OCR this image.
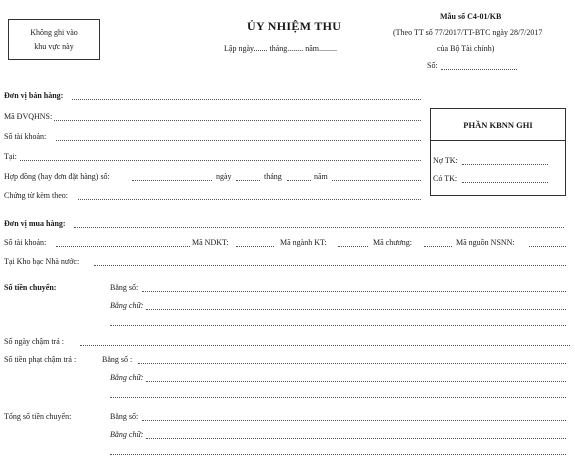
Không ghi vào
khu vực này
ỦY NHIỆM THU
Lập ngày....... tháng........ năm.........
Mẫu số C4-01/KB
(Theo TT số 77/2017/TT-BTC ngày 28/7/2017
của Bộ Tài chính)
Số:
Đơn vị bán hàng:
Mã ĐVQHNS:
Số tài khoản:
Tại:
Hợp đồng (hay đơn đặt hàng) số:	ngày	tháng	năm
Chứng từ kèm theo:
PHẦN KBNN GHI
Nợ TK:
Có TK:
Đơn vị mua hàng:
Số tài khoản:	Mã NDKT:	Mã ngành KT:	Mã chương:	Mã nguồn NSNN:
Tại Kho bạc Nhà nước:
Số tiền chuyển:	Bằng số:
Bằng chữ:
Số ngày chậm trả :
Số tiền phạt chậm trả :	Bằng số :
Bằng chữ:
Tổng số tiền chuyển:	Bằng số:
Bằng chữ:
